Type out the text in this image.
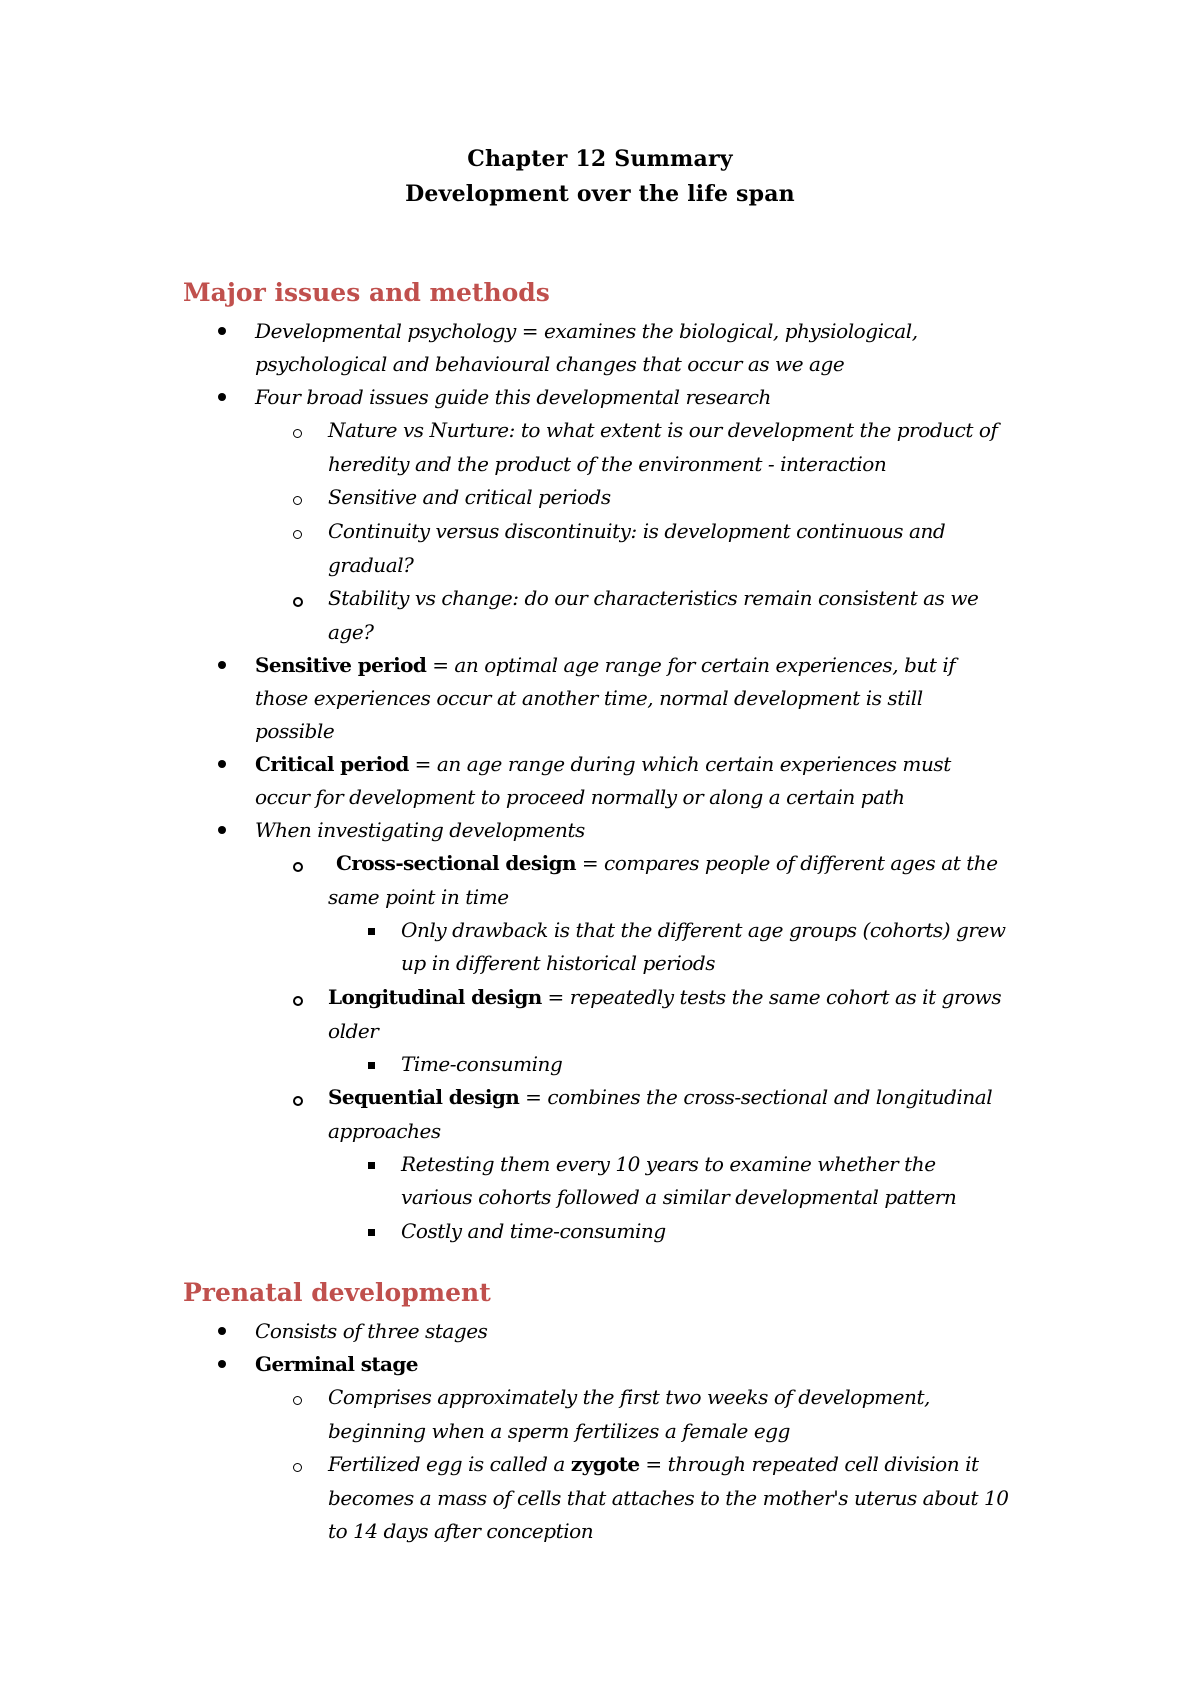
Chapter 12 Summary
Development over the life span
Major issues and methods
Developmental psychology = examines the biological, physiological,
psychological and behavioural changes that occur as we age
Four broad issues guide this developmental research
Nature vs Nurture: to what extent is our development the product of
heredity and the product of the environment - interaction
Sensitive and critical periods
Continuity versus discontinuity: is development continuous and
gradual?
Stability vs change: do our characteristics remain consistent as we
age?
Sensitive period = an optimal age range for certain experiences, but if
those experiences occur at another time, normal development is still
possible
Critical period = an age range during which certain experiences must
occur for development to proceed normally or along a certain path
When investigating developments
Cross-sectional design = compares people of different ages at the
same point in time
Only drawback is that the different age groups (cohorts) grew
up in different historical periods
Longitudinal design = repeatedly tests the same cohort as it grows
older
Time-consuming
Sequential design = combines the cross-sectional and longitudinal
approaches
Retesting them every 10 years to examine whether the
various cohorts followed a similar developmental pattern
Costly and time-consuming
Prenatal development
Consists of three stages
Germinal stage
Comprises approximately the first two weeks of development,
beginning when a sperm fertilizes a female egg
Fertilized egg is called a zygote = through repeated cell division it
becomes a mass of cells that attaches to the mother's uterus about 10
to 14 days after conception
